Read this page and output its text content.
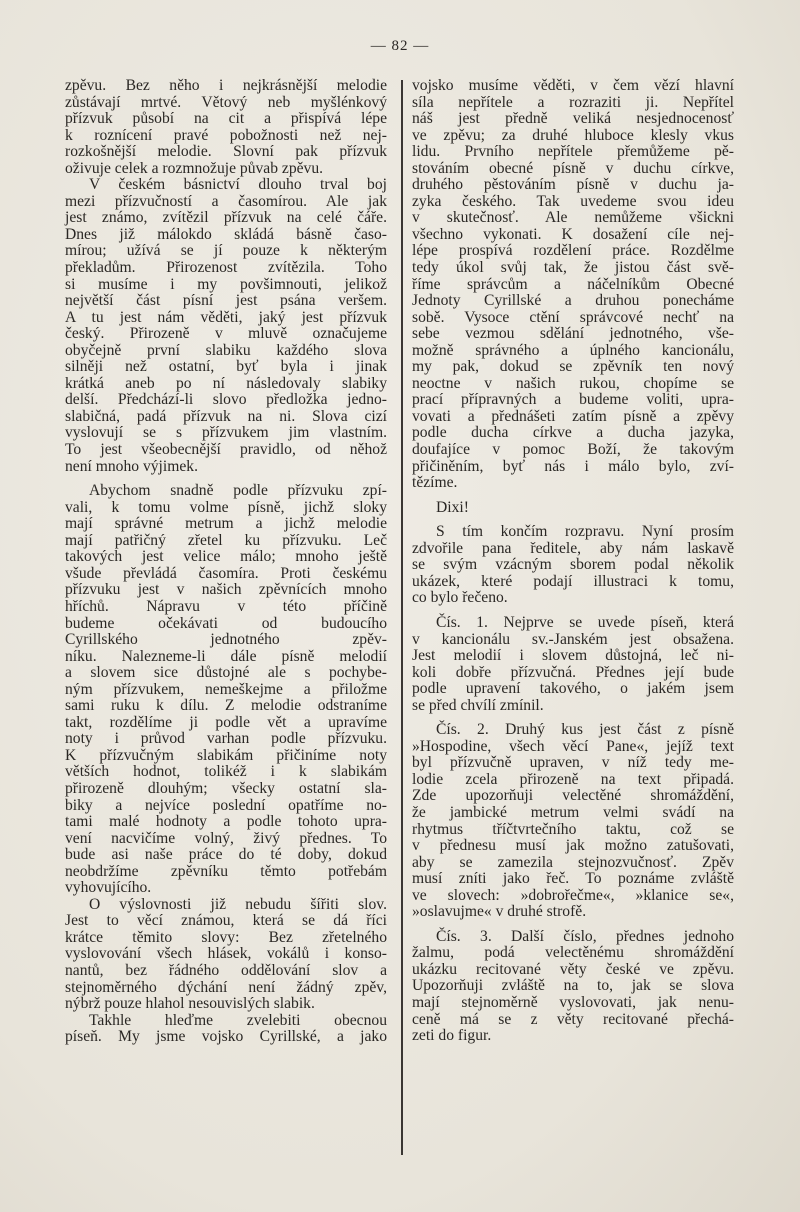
— 82 —
zpěvu. Bez něho i nejkrásnější melodie
zůstávají mrtvé. Větový neb myšlénkový
přízvuk působí na cit a přispívá lépe
k roznícení pravé pobožnosti než nej-
rozkošnější melodie. Slovní pak přízvuk
oživuje celek a rozmnožuje půvab zpěvu.
V českém básnictví dlouho trval boj
mezi přízvučností a časomírou. Ale jak
jest známo, zvítězil přízvuk na celé čáře.
Dnes již málokdo skládá básně časo-
mírou; užívá se jí pouze k některým
překladům. Přirozenost zvítězila. Toho
si musíme i my povšimnouti, jelikož
největší část písní jest psána veršem.
A tu jest nám věděti, jaký jest přízvuk
český. Přirozeně v mluvě označujeme
obyčejně první slabiku každého slova
silněji než ostatní, byť byla i jinak
krátká aneb po ní následovaly slabiky
delší. Předchází-li slovo předložka jedno-
slabičná, padá přízvuk na ni. Slova cizí
vyslovují se s přízvukem jim vlastním.
To jest všeobecnější pravidlo, od něhož
není mnoho výjimek.
Abychom snadně podle přízvuku zpí-
vali, k tomu volme písně, jichž sloky
mají správné metrum a jichž melodie
mají patřičný zřetel ku přízvuku. Leč
takových jest velice málo; mnoho ještě
všude převládá časomíra. Proti českému
přízvuku jest v našich zpěvnících mnoho
hříchů. Nápravu v této příčině
budeme očekávati od budoucího
Cyrillského jednotného zpěv-
níku. Nalezneme-li dále písně melodií
a slovem sice důstojné ale s pochybe-
ným přízvukem, nemeškejme a přiložme
sami ruku k dílu. Z melodie odstraníme
takt, rozdělíme ji podle vět a upravíme
noty i průvod varhan podle přízvuku.
K přízvučným slabikám přičiníme noty
větších hodnot, tolikéž i k slabikám
přirozeně dlouhým; všecky ostatní sla-
biky a nejvíce poslední opatříme no-
tami malé hodnoty a podle tohoto upra-
vení nacvičíme volný, živý přednes. To
bude asi naše práce do té doby, dokud
neobdržíme zpěvníku těmto potřebám
vyhovujícího.
O výslovnosti již nebudu šířiti slov.
Jest to věcí známou, která se dá říci
krátce těmito slovy: Bez zřetelného
vyslovování všech hlásek, vokálů i konso-
nantů, bez řádného oddělování slov a
stejnoměrného dýchání není žádný zpěv,
nýbrž pouze hlahol nesouvislých slabik.
Takhle hleďme zvelebiti obecnou
píseň. My jsme vojsko Cyrillské, a jako
vojsko musíme věděti, v čem vězí hlavní
síla nepřítele a rozraziti ji. Nepřítel
náš jest předně veliká nesjednocenosť
ve zpěvu; za druhé hluboce klesly vkus
lidu. Prvního nepřítele přemůžeme pě-
stováním obecné písně v duchu církve,
druhého pěstováním písně v duchu ja-
zyka českého. Tak uvedeme svou ideu
v skutečnosť. Ale nemůžeme všickni
všechno vykonati. K dosažení cíle nej-
lépe prospívá rozdělení práce. Rozdělme
tedy úkol svůj tak, že jistou část svě-
říme správcům a náčelníkům Obecné
Jednoty Cyrillské a druhou ponecháme
sobě. Vysoce ctění správcové nechť na
sebe vezmou sdělání jednotného, vše-
možně správného a úplného kancionálu,
my pak, dokud se zpěvník ten nový
neoctne v našich rukou, chopíme se
prací přípravných a budeme voliti, upra-
vovati a přednášeti zatím písně a zpěvy
podle ducha církve a ducha jazyka,
doufajíce v pomoc Boží, že takovým
přičiněním, byť nás i málo bylo, zví-
tězíme.
Dixi!
S tím končím rozpravu. Nyní prosím
zdvořile pana ředitele, aby nám laskavě
se svým vzácným sborem podal několik
ukázek, které podají illustraci k tomu,
co bylo řečeno.
Čís. 1. Nejprve se uvede píseň, která
v kancionálu sv.-Janském jest obsažena.
Jest melodií i slovem důstojná, leč ni-
koli dobře přízvučná. Přednes její bude
podle upravení takového, o jakém jsem
se před chvílí zmínil.
Čís. 2. Druhý kus jest část z písně
»Hospodine, všech věcí Pane«, jejíž text
byl přízvučně upraven, v níž tedy me-
lodie zcela přirozeně na text připadá.
Zde upozorňuji velectěné shromáždění,
že jambické metrum velmi svádí na
rhytmus tříčtvrtečního taktu, což se
v přednesu musí jak možno zatušovati,
aby se zamezila stejnozvučnosť. Zpěv
musí zníti jako řeč. To poznáme zvláště
ve slovech: »dobrořečme«, »klanice se«,
»oslavujme« v druhé strofě.
Čís. 3. Další číslo, přednes jednoho
žalmu, podá velectěnému shromáždění
ukázku recitované věty české ve zpěvu.
Upozorňuji zvláště na to, jak se slova
mají stejnoměrně vyslovovati, jak nenu-
ceně má se z věty recitované přechá-
zeti do figur.
